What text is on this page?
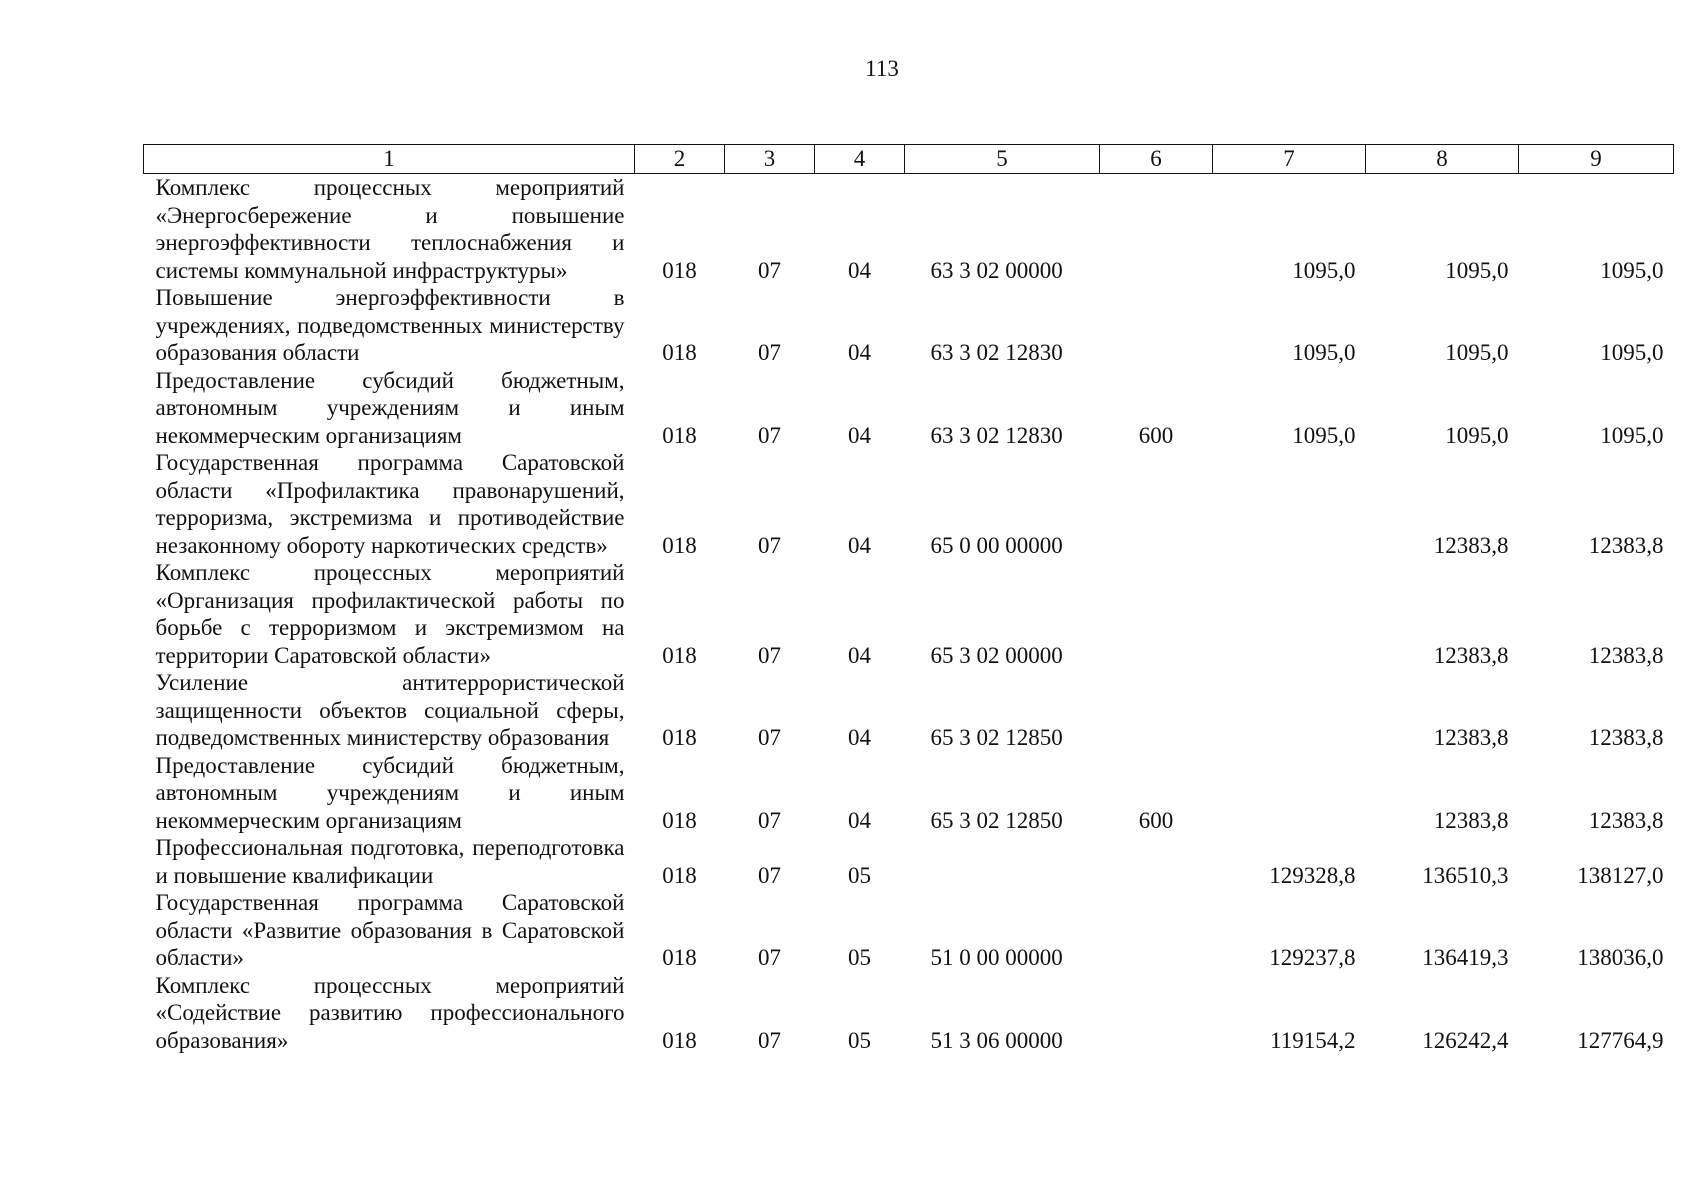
113
1	2	3	4	5	6	7	8	9
Комплекс процессных мероприятий «Энергосбережение и повышение энергоэффективности теплоснабжения и системы коммунальной инфраструктуры»	018	07	04	63 3 02 00000		1095,0	1095,0	1095,0
Повышение энергоэффективности в учреждениях, подведомственных министерству образования области	018	07	04	63 3 02 12830		1095,0	1095,0	1095,0
Предоставление субсидий бюджетным, автономным учреждениям и иным некоммерческим организациям	018	07	04	63 3 02 12830	600	1095,0	1095,0	1095,0
Государственная программа Саратовской области «Профилактика правонарушений, терроризма, экстремизма и противодействие незаконному обороту наркотических средств»	018	07	04	65 0 00 00000			12383,8	12383,8
Комплекс процессных мероприятий «Организация профилактической работы по борьбе с терроризмом и экстремизмом на территории Саратовской области»	018	07	04	65 3 02 00000			12383,8	12383,8
Усиление антитеррористической защищенности объектов социальной сферы, подведомственных министерству образования	018	07	04	65 3 02 12850			12383,8	12383,8
Предоставление субсидий бюджетным, автономным учреждениям и иным некоммерческим организациям	018	07	04	65 3 02 12850	600		12383,8	12383,8
Профессиональная подготовка, переподготовка и повышение квалификации	018	07	05			129328,8	136510,3	138127,0
Государственная программа Саратовской области «Развитие образования в Саратовской области»	018	07	05	51 0 00 00000		129237,8	136419,3	138036,0
Комплекс процессных мероприятий «Содействие развитию профессионального образования»	018	07	05	51 3 06 00000		119154,2	126242,4	127764,9
